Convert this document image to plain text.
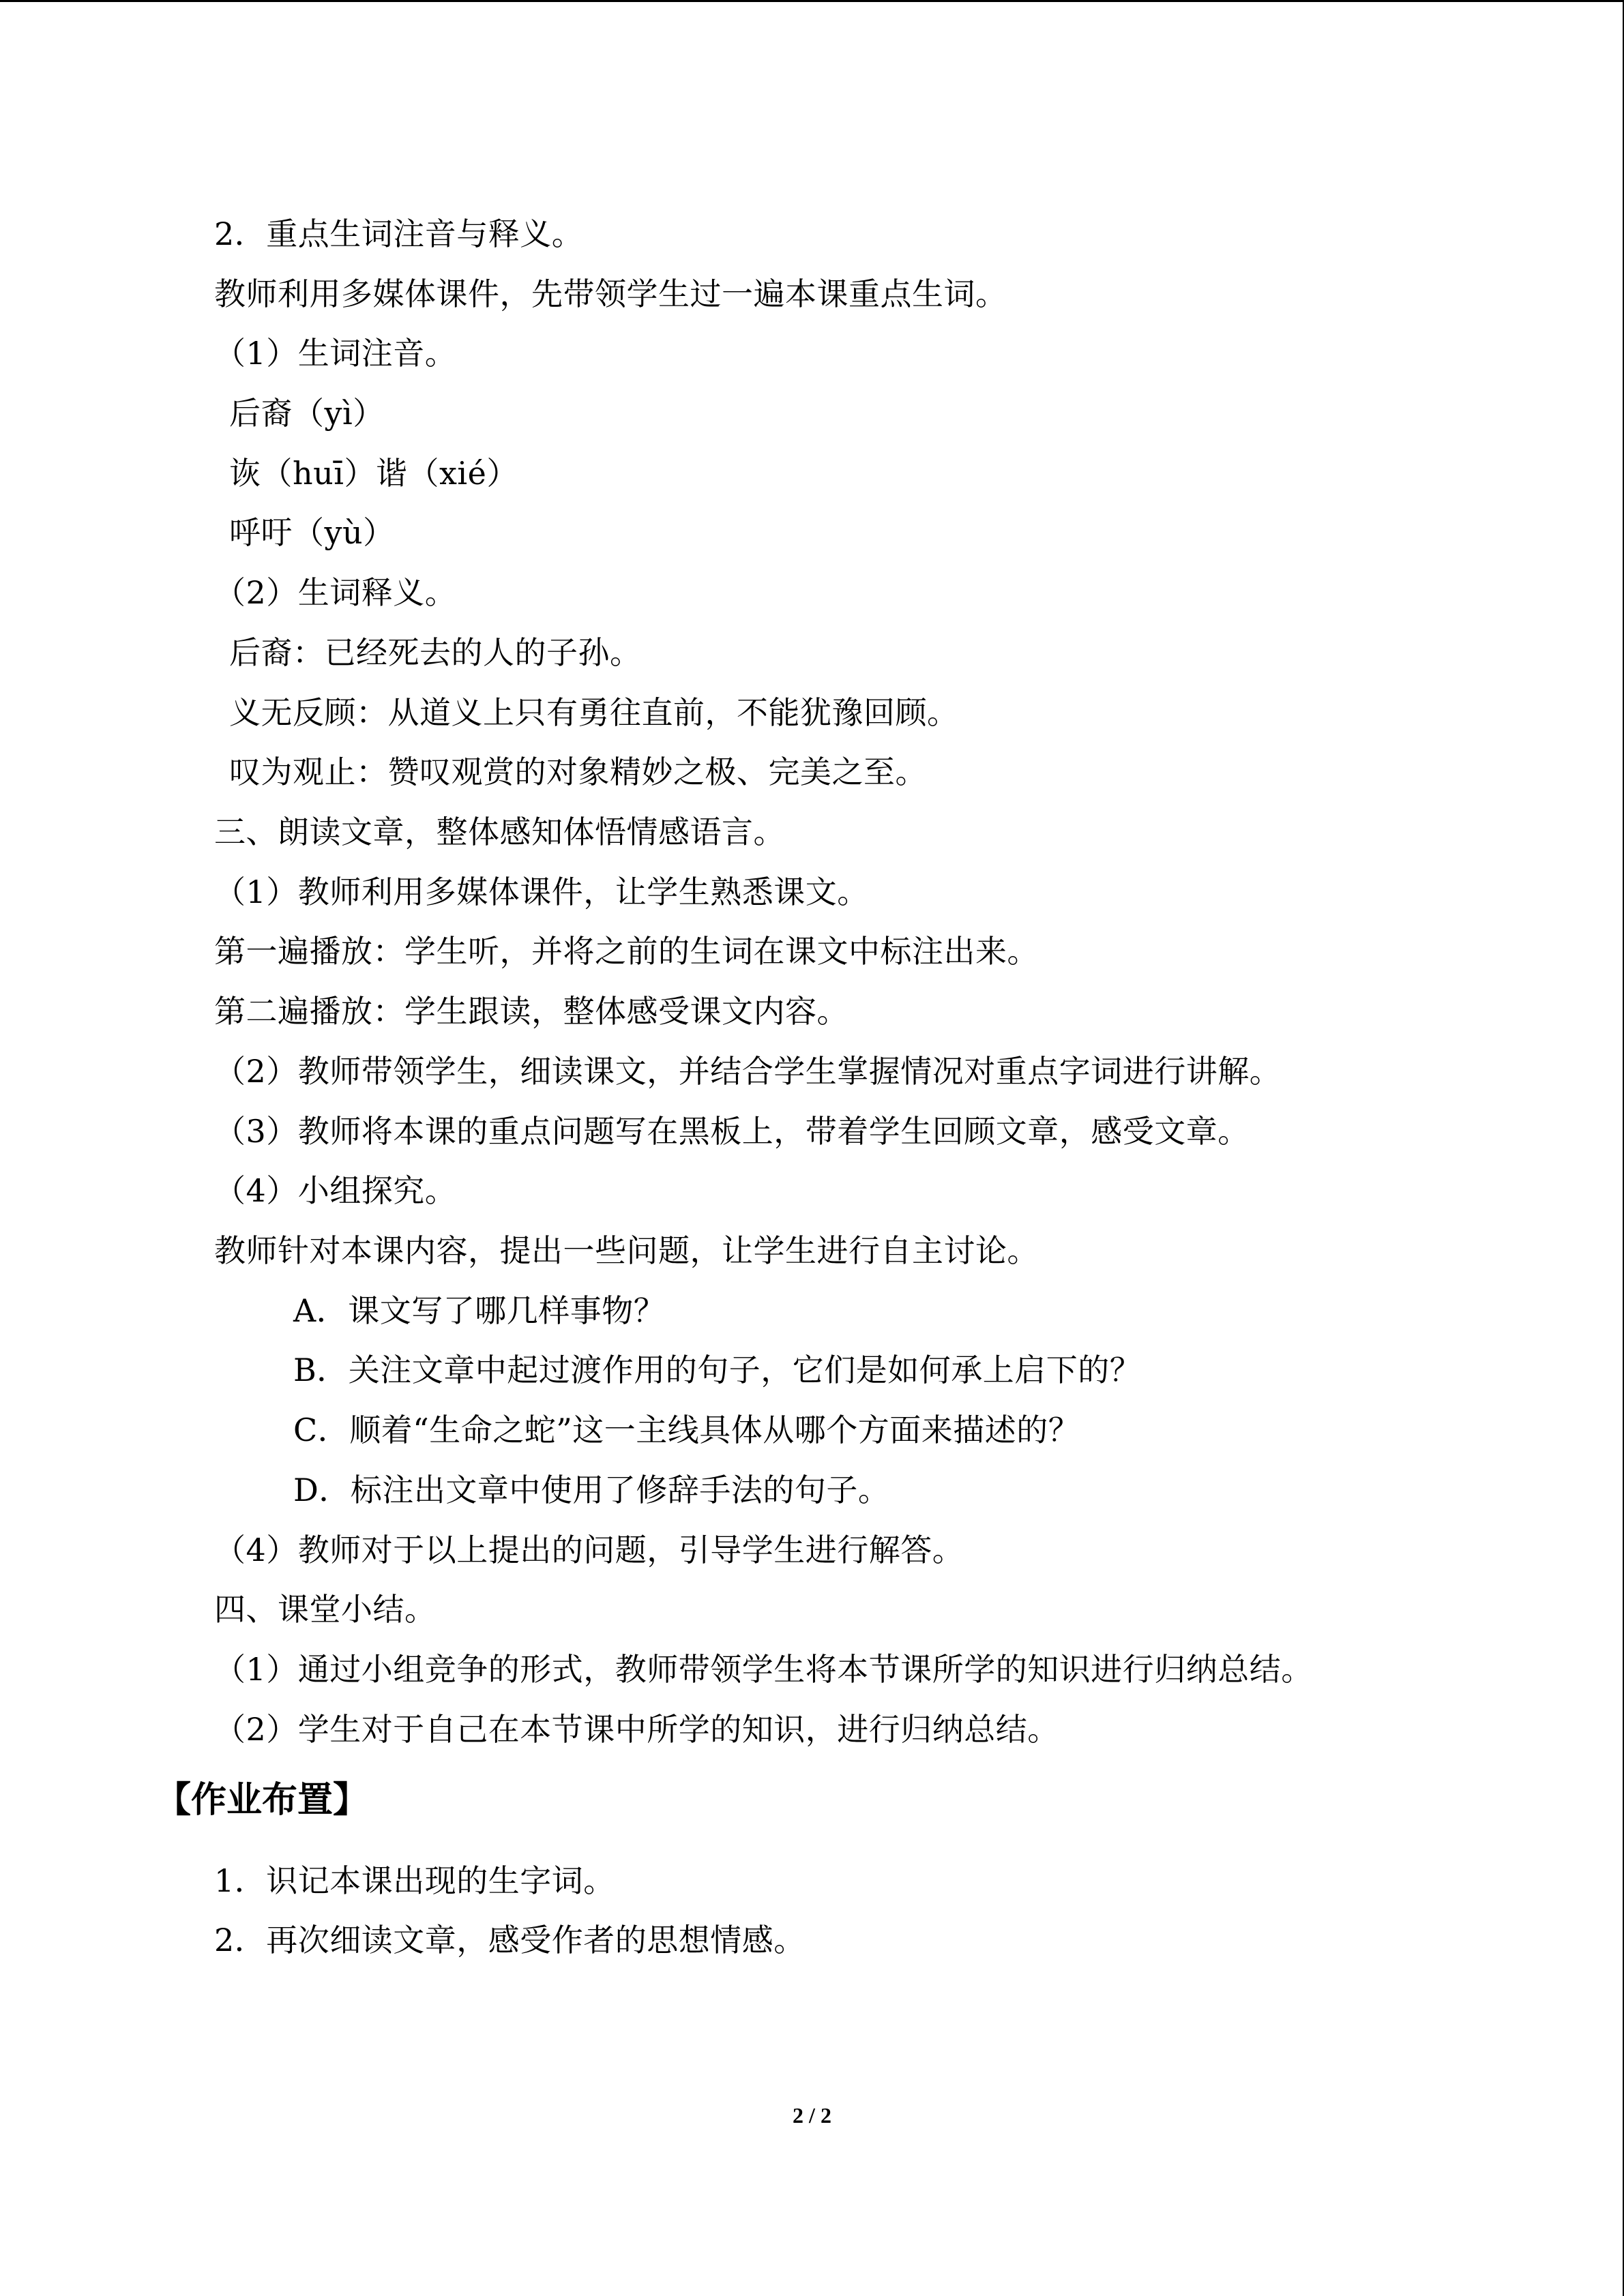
2．重点生词注音与释义。
教师利用多媒体课件，先带领学生过一遍本课重点生词。
（1）生词注音。
后裔（yì）
诙（huī）谐（xié）
呼吁（yù）
（2）生词释义。
后裔：已经死去的人的子孙。
义无反顾：从道义上只有勇往直前，不能犹豫回顾。
叹为观止：赞叹观赏的对象精妙之极、完美之至。
三、朗读文章，整体感知体悟情感语言。
（1）教师利用多媒体课件，让学生熟悉课文。
第一遍播放：学生听，并将之前的生词在课文中标注出来。
第二遍播放：学生跟读，整体感受课文内容。
（2）教师带领学生，细读课文，并结合学生掌握情况对重点字词进行讲解。
（3）教师将本课的重点问题写在黑板上，带着学生回顾文章，感受文章。
（4）小组探究。
教师针对本课内容，提出一些问题，让学生进行自主讨论。
A．课文写了哪几样事物？
B．关注文章中起过渡作用的句子，它们是如何承上启下的？
C．顺着“生命之蛇”这一主线具体从哪个方面来描述的？
D．标注出文章中使用了修辞手法的句子。
（4）教师对于以上提出的问题，引导学生进行解答。
四、课堂小结。
（1）通过小组竞争的形式，教师带领学生将本节课所学的知识进行归纳总结。
（2）学生对于自己在本节课中所学的知识，进行归纳总结。
【作业布置】
1．识记本课出现的生字词。
2．再次细读文章，感受作者的思想情感。
2 / 2
